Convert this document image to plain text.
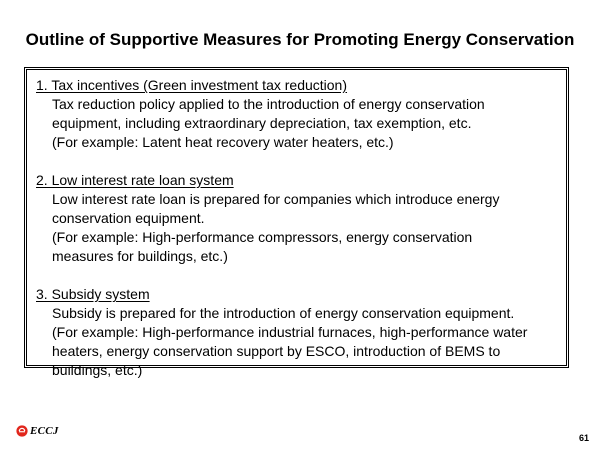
Outline of Supportive Measures for Promoting Energy Conservation
1. Tax incentives (Green investment tax reduction)
Tax reduction policy applied to the introduction of energy conservation
equipment, including extraordinary depreciation, tax exemption, etc.
(For example: Latent heat recovery water heaters, etc.)
2. Low interest rate loan system
Low interest rate loan is prepared for companies which introduce energy
conservation equipment.
(For example: High-performance compressors, energy conservation
measures for buildings, etc.)
3. Subsidy system
Subsidy is prepared for the introduction of energy conservation equipment.
(For example: High-performance industrial furnaces, high-performance water
heaters, energy conservation support by ESCO, introduction of BEMS to
buildings, etc.)
ECCJ
61
